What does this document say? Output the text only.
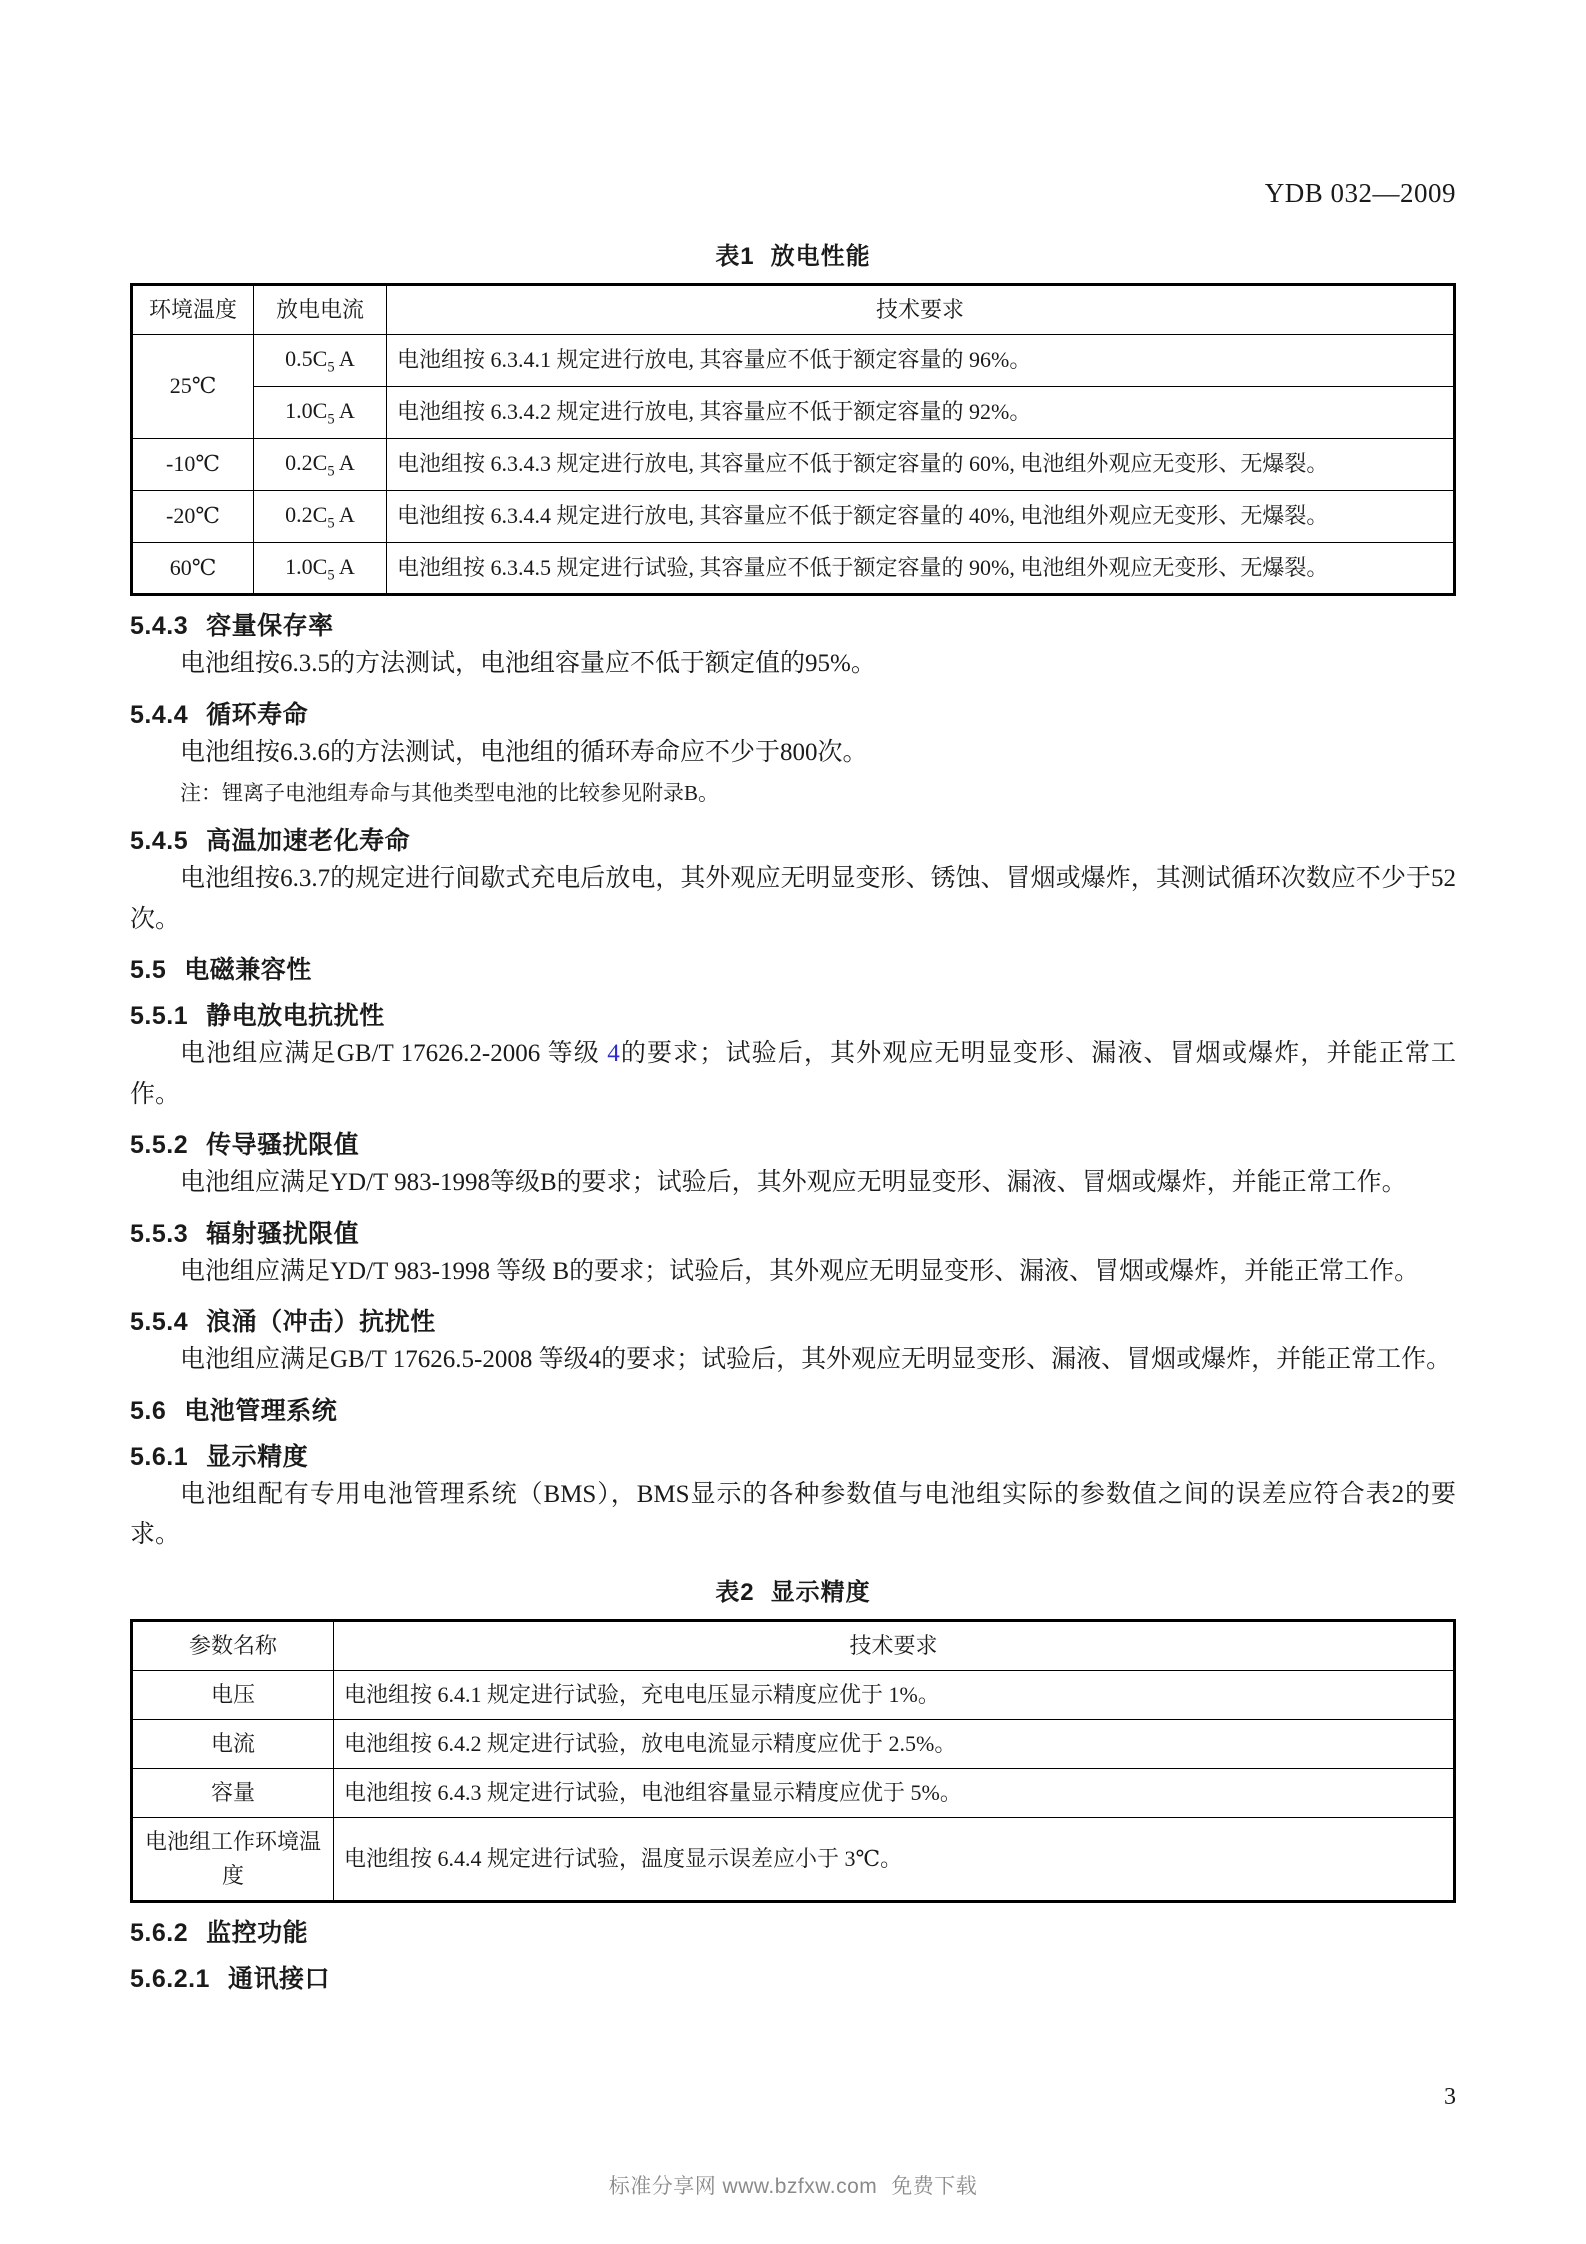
YDB 032—2009
表1 放电性能
环境温度	放电电流	技术要求
25℃	$0.5C_5$ A	电池组按 6.3.4.1 规定进行放电, 其容量应不低于额定容量的 96%。
	$1.0C_5$ A	电池组按 6.3.4.2 规定进行放电, 其容量应不低于额定容量的 92%。
-10℃	$0.2C_5$ A	电池组按 6.3.4.3 规定进行放电, 其容量应不低于额定容量的 60%, 电池组外观应无变形、无爆裂。
-20℃	$0.2C_5$ A	电池组按 6.3.4.4 规定进行放电, 其容量应不低于额定容量的 40%, 电池组外观应无变形、无爆裂。
60℃	$1.0C_5$ A	电池组按 6.3.4.5 规定进行试验, 其容量应不低于额定容量的 90%, 电池组外观应无变形、无爆裂。
5.4.3 容量保存率

电池组按6.3.5的方法测试，电池组容量应不低于额定值的95%。

5.4.4 循环寿命

电池组按6.3.6的方法测试，电池组的循环寿命应不少于800次。

注：锂离子电池组寿命与其他类型电池的比较参见附录B。

5.4.5 高温加速老化寿命

电池组按6.3.7的规定进行间歇式充电后放电，其外观应无明显变形、锈蚀、冒烟或爆炸，其测试循环次数应不少于52次。

5.5 电磁兼容性
5.5.1 静电放电抗扰性

电池组应满足GB/T 17626.2-2006 等级 4的要求；试验后，其外观应无明显变形、漏液、冒烟或爆炸，并能正常工作。

5.5.2 传导骚扰限值

电池组应满足YD/T 983-1998等级B的要求；试验后，其外观应无明显变形、漏液、冒烟或爆炸，并能正常工作。

5.5.3 辐射骚扰限值

电池组应满足YD/T 983-1998 等级 B的要求；试验后，其外观应无明显变形、漏液、冒烟或爆炸，并能正常工作。

5.5.4 浪涌（冲击）抗扰性

电池组应满足GB/T 17626.5-2008 等级4的要求；试验后，其外观应无明显变形、漏液、冒烟或爆炸，并能正常工作。

5.6 电池管理系统
5.6.1 显示精度

电池组配有专用电池管理系统（BMS），BMS显示的各种参数值与电池组实际的参数值之间的误差应符合表2的要求。

表2 显示精度
参数名称	技术要求
电压	电池组按 6.4.1 规定进行试验，充电电压显示精度应优于 1%。
电流	电池组按 6.4.2 规定进行试验，放电电流显示精度应优于 2.5%。
容量	电池组按 6.4.3 规定进行试验，电池组容量显示精度应优于 5%。
电池组工作环境温度	电池组按 6.4.4 规定进行试验，温度显示误差应小于 3℃。
5.6.2 监控功能
5.6.2.1 通讯接口
3
标准分享网 www.bzfxw.com 免费下载
